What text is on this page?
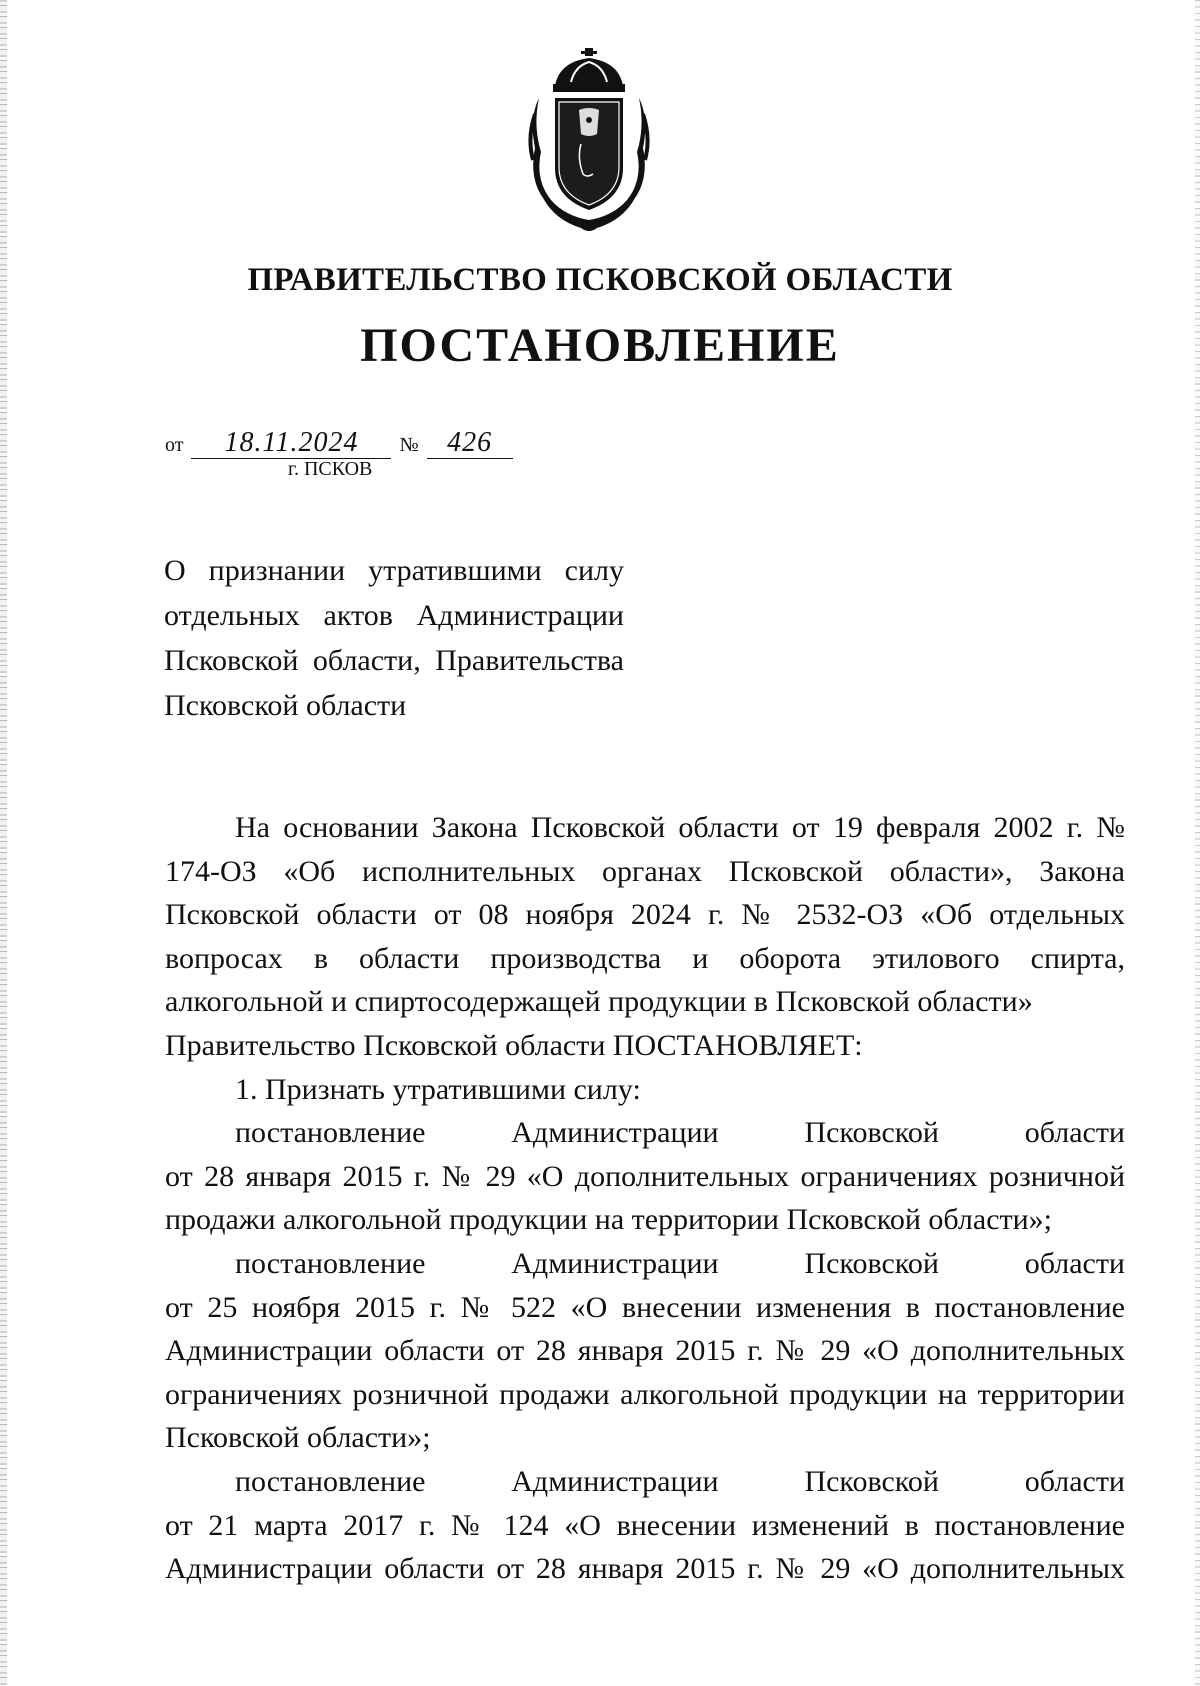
ПРАВИТЕЛЬСТВО ПСКОВСКОЙ ОБЛАСТИ
ПОСТАНОВЛЕНИЕ
от 18.11.2024 № 426
г. ПСКОВ
О признании утратившими силу
отдельных актов Администрации
Псковской области, Правительства
Псковской области

На основании Закона Псковской области от 19 февраля 2002 г. № 174-ОЗ «Об исполнительных органах Псковской области», Закона Псковской области от 08 ноября 2024 г. № 2532-ОЗ «Об отдельных вопросах в области производства и оборота этилового спирта, алкогольной и спиртосодержащей продукции в Псковской области»

Правительство Псковской области ПОСТАНОВЛЯЕТ:

1. Признать утратившими силу:

постановление	Администрации	Псковской	области

от 28 января 2015 г. № 29 «О дополнительных ограничениях розничной продажи алкогольной продукции на территории Псковской области»;

постановление	Администрации	Псковской	области

от 25 ноября 2015 г. № 522 «О внесении изменения в постановление Администрации области от 28 января 2015 г. № 29 «О дополнительных ограничениях розничной продажи алкогольной продукции на территории Псковской области»;

постановление	Администрации	Псковской	области

от 21 марта 2017 г. № 124 «О внесении изменений в постановление Администрации области от 28 января 2015 г. № 29 «О дополнительных
